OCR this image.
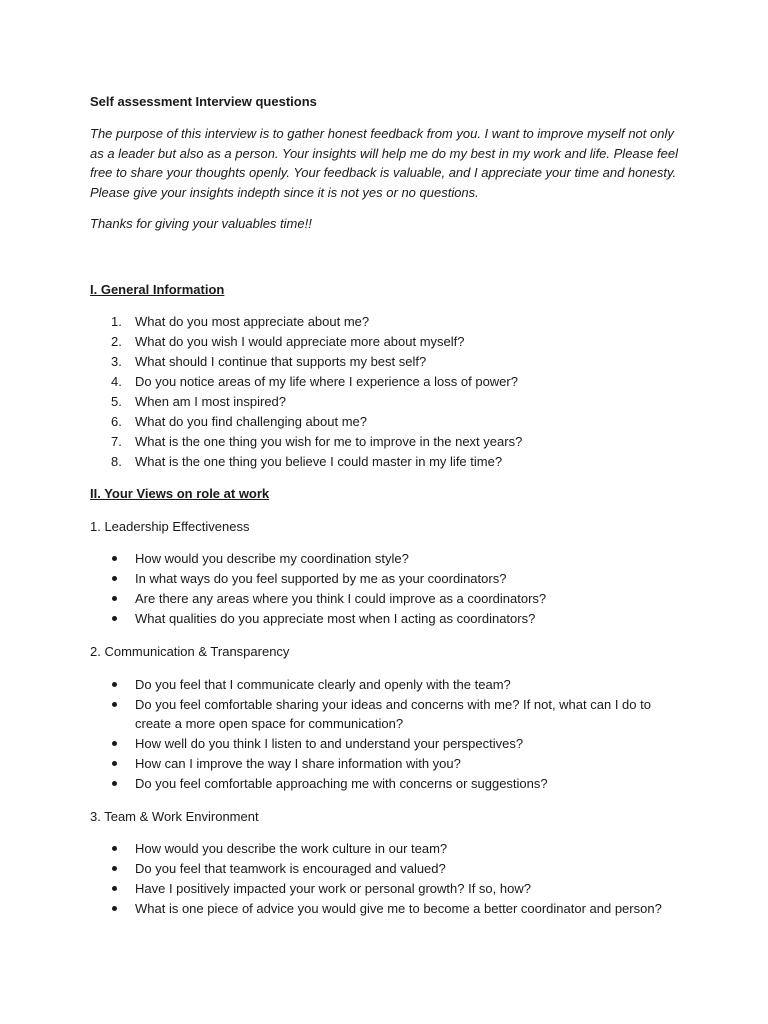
Self assessment Interview questions

The purpose of this interview is to gather honest feedback from you. I want to improve myself not only as a leader but also as a person. Your insights will help me do my best in my work and life. Please feel free to share your thoughts openly. Your feedback is valuable, and I appreciate your time and honesty. Please give your insights indepth since it is not yes or no questions.

Thanks for giving your valuables time!!

I. General Information

1. What do you most appreciate about me?
2. What do you wish I would appreciate more about myself?
3. What should I continue that supports my best self?
4. Do you notice areas of my life where I experience a loss of power?
5. When am I most inspired?
6. What do you find challenging about me?
7. What is the one thing you wish for me to improve in the next years?
8. What is the one thing you believe I could master in my life time?

II. Your Views on role at work

1. Leadership Effectiveness

How would you describe my coordination style?
In what ways do you feel supported by me as your coordinators?
Are there any areas where you think I could improve as a coordinators?
What qualities do you appreciate most when I acting as coordinators?

2. Communication & Transparency

Do you feel that I communicate clearly and openly with the team?
Do you feel comfortable sharing your ideas and concerns with me? If not, what can I do to create a more open space for communication?
How well do you think I listen to and understand your perspectives?
How can I improve the way I share information with you?
Do you feel comfortable approaching me with concerns or suggestions?

3. Team & Work Environment

How would you describe the work culture in our team?
Do you feel that teamwork is encouraged and valued?
Have I positively impacted your work or personal growth? If so, how?
What is one piece of advice you would give me to become a better coordinator and person?
